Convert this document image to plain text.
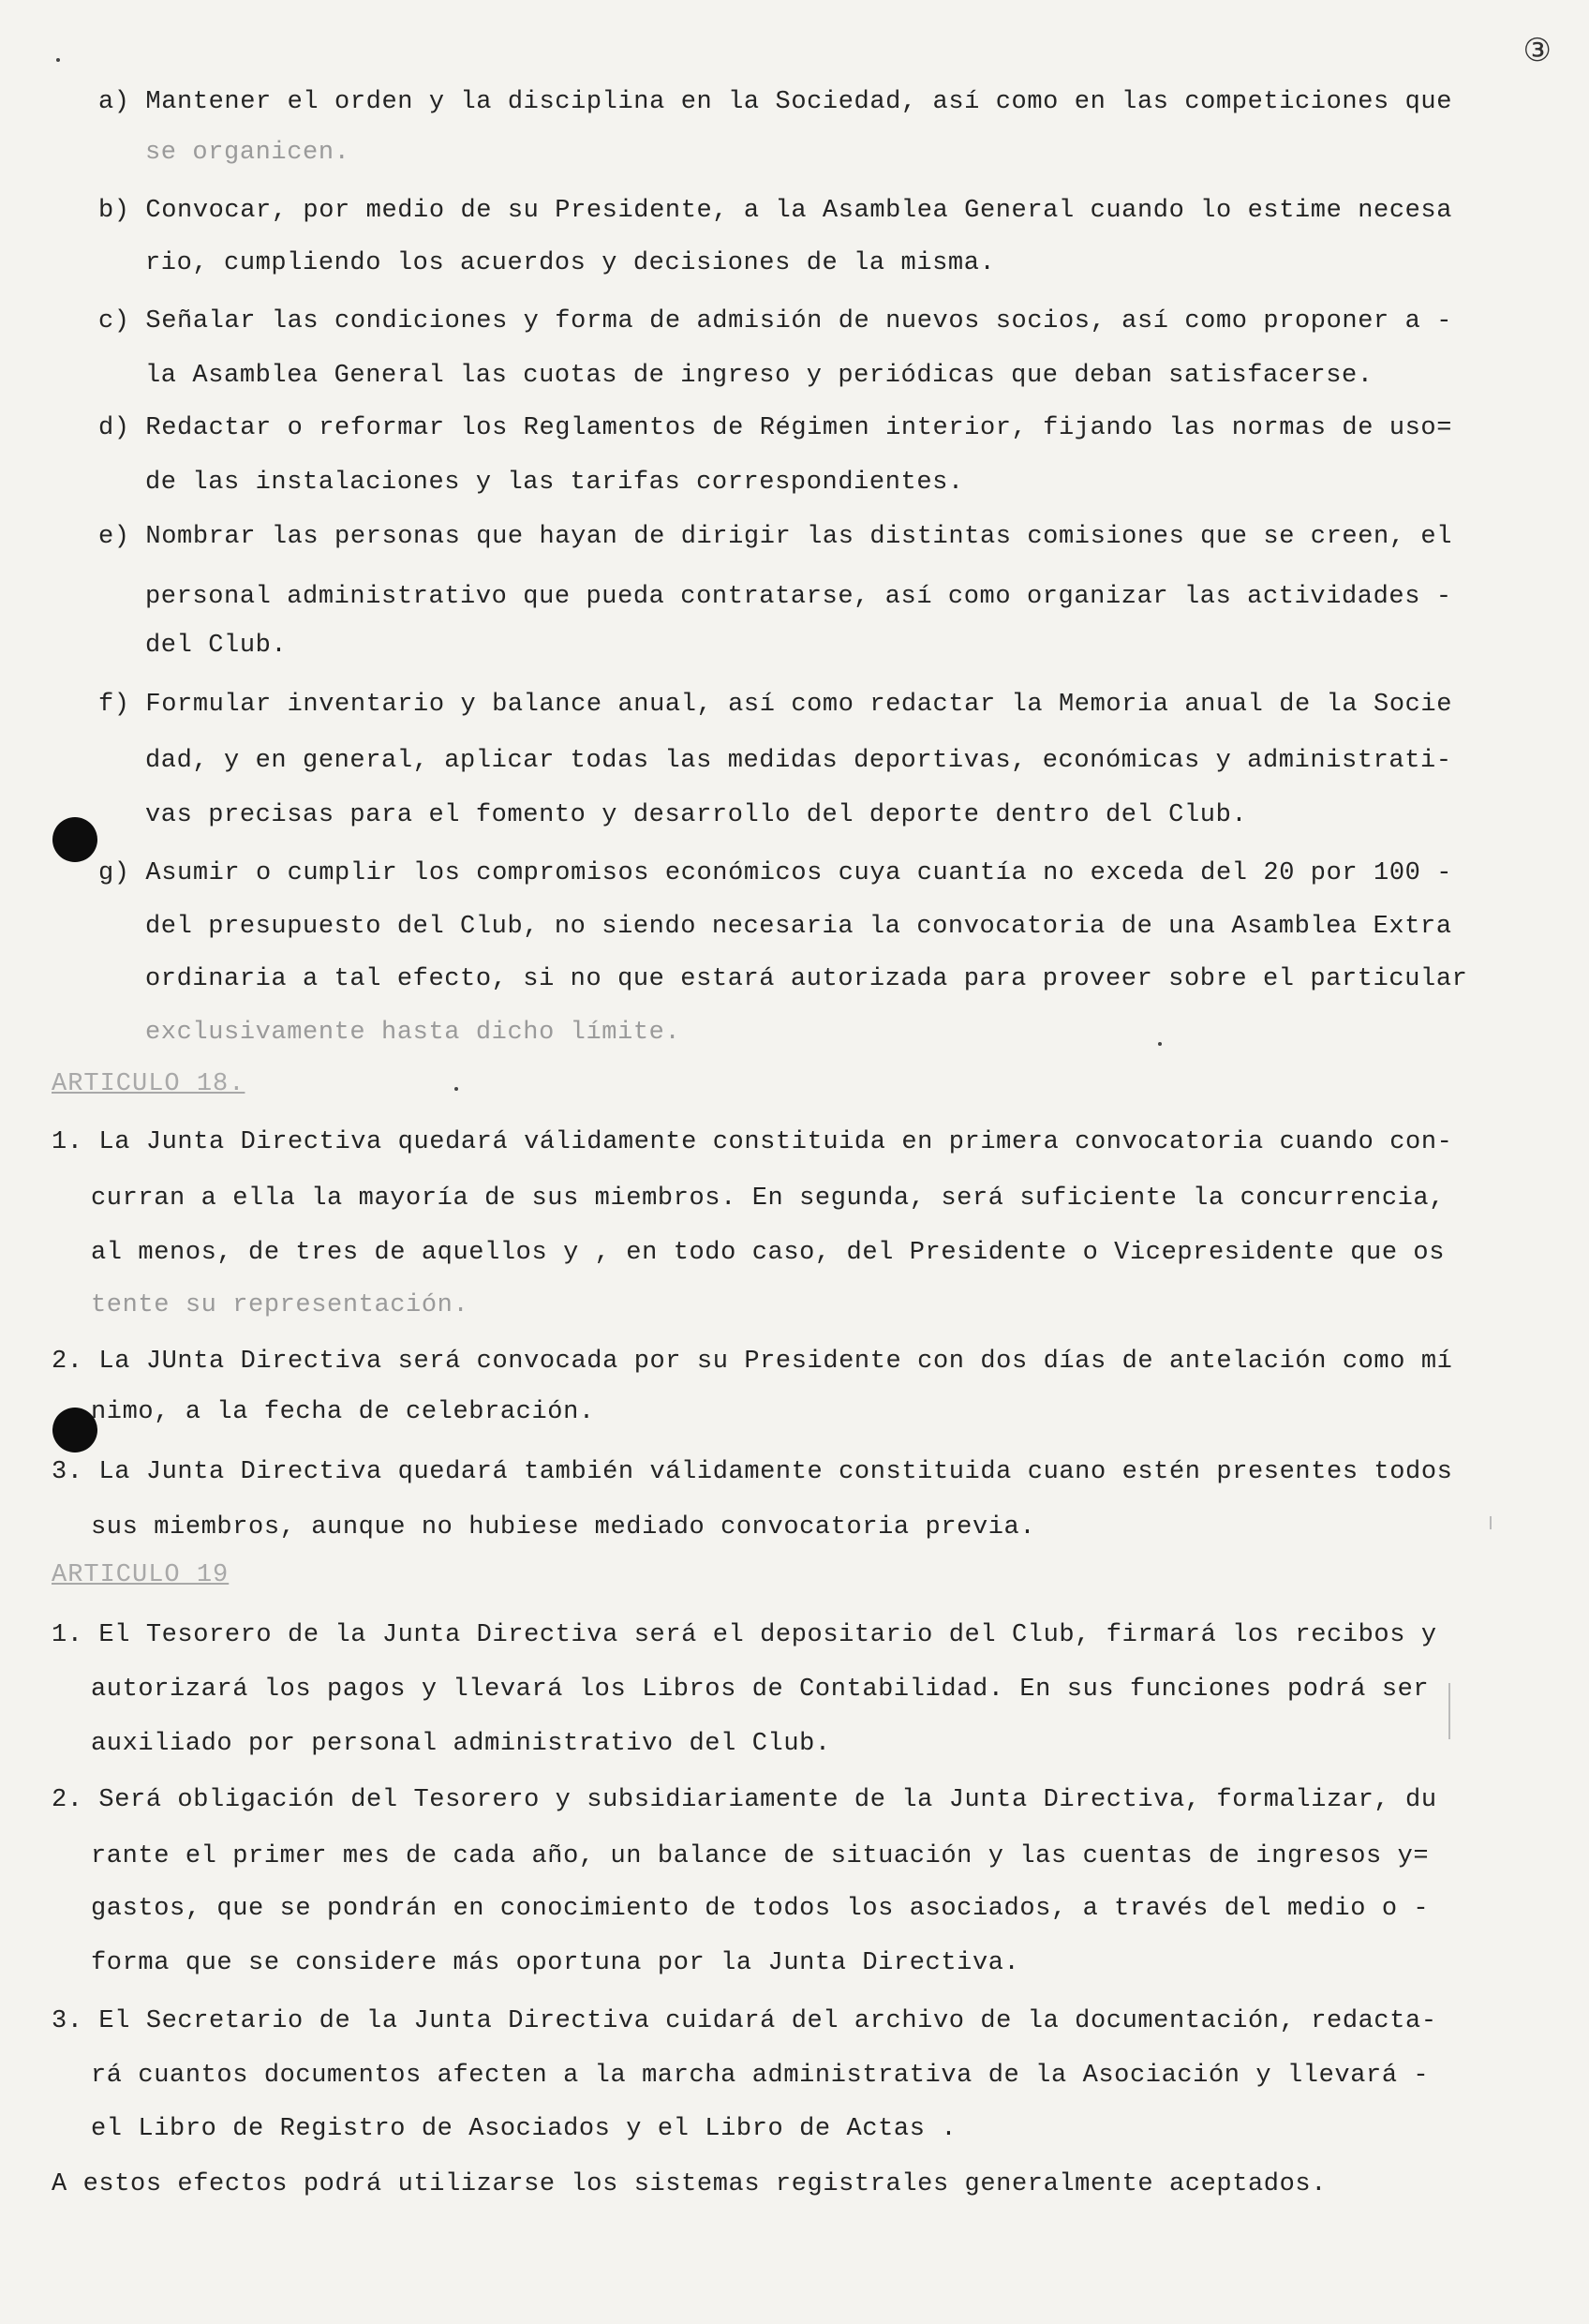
③
a) Mantener el orden y la disciplina en la Sociedad, así como en las competiciones que
se organicen.
b) Convocar, por medio de su Presidente, a la Asamblea General cuando lo estime necesa
rio, cumpliendo los acuerdos y decisiones de la misma.
c) Señalar las condiciones y forma de admisión de nuevos socios, así como proponer a -
la Asamblea General las cuotas de ingreso y periódicas que deban satisfacerse.
d) Redactar o reformar los Reglamentos de Régimen interior, fijando las normas de uso=
de las instalaciones y las tarifas correspondientes.
e) Nombrar las personas que hayan de dirigir las distintas comisiones que se creen, el
personal administrativo que pueda contratarse, así como organizar las actividades -
del Club.
f) Formular inventario y balance anual, así como redactar la Memoria anual de la Socie
dad, y en general, aplicar todas las medidas deportivas, económicas y administrati-
vas precisas para el fomento y desarrollo del deporte dentro del Club.
g) Asumir o cumplir los compromisos económicos cuya cuantía no exceda del 20 por 100 -
del presupuesto del Club, no siendo necesaria la convocatoria de una Asamblea Extra
ordinaria a tal efecto, si no que estará autorizada para proveer sobre el particular
exclusivamente hasta dicho límite.
ARTICULO 18.
1. La Junta Directiva quedará válidamente constituida en primera convocatoria cuando con-
curran a ella la mayoría de sus miembros. En segunda, será suficiente la concurrencia,
al menos, de tres de aquellos y , en todo caso, del Presidente o Vicepresidente que os
tente su representación.
2. La JUnta Directiva será convocada por su Presidente con dos días de antelación como mí
nimo, a la fecha de celebración.
3. La Junta Directiva quedará también válidamente constituida cuano estén presentes todos
sus miembros, aunque no hubiese mediado convocatoria previa.
ARTICULO 19
1. El Tesorero de la Junta Directiva será el depositario del Club, firmará los recibos y
autorizará los pagos y llevará los Libros de Contabilidad. En sus funciones podrá ser
auxiliado por personal administrativo del Club.
2. Será obligación del Tesorero y subsidiariamente de la Junta Directiva, formalizar, du
rante el primer mes de cada año, un balance de situación y las cuentas de ingresos y=
gastos, que se pondrán en conocimiento de todos los asociados, a través del medio o -
forma que se considere más oportuna por la Junta Directiva.
3. El Secretario de la Junta Directiva cuidará del archivo de la documentación, redacta-
rá cuantos documentos afecten a la marcha administrativa de la Asociación y llevará -
el Libro de Registro de Asociados y el Libro de Actas .
A estos efectos podrá utilizarse los sistemas registrales generalmente aceptados.
